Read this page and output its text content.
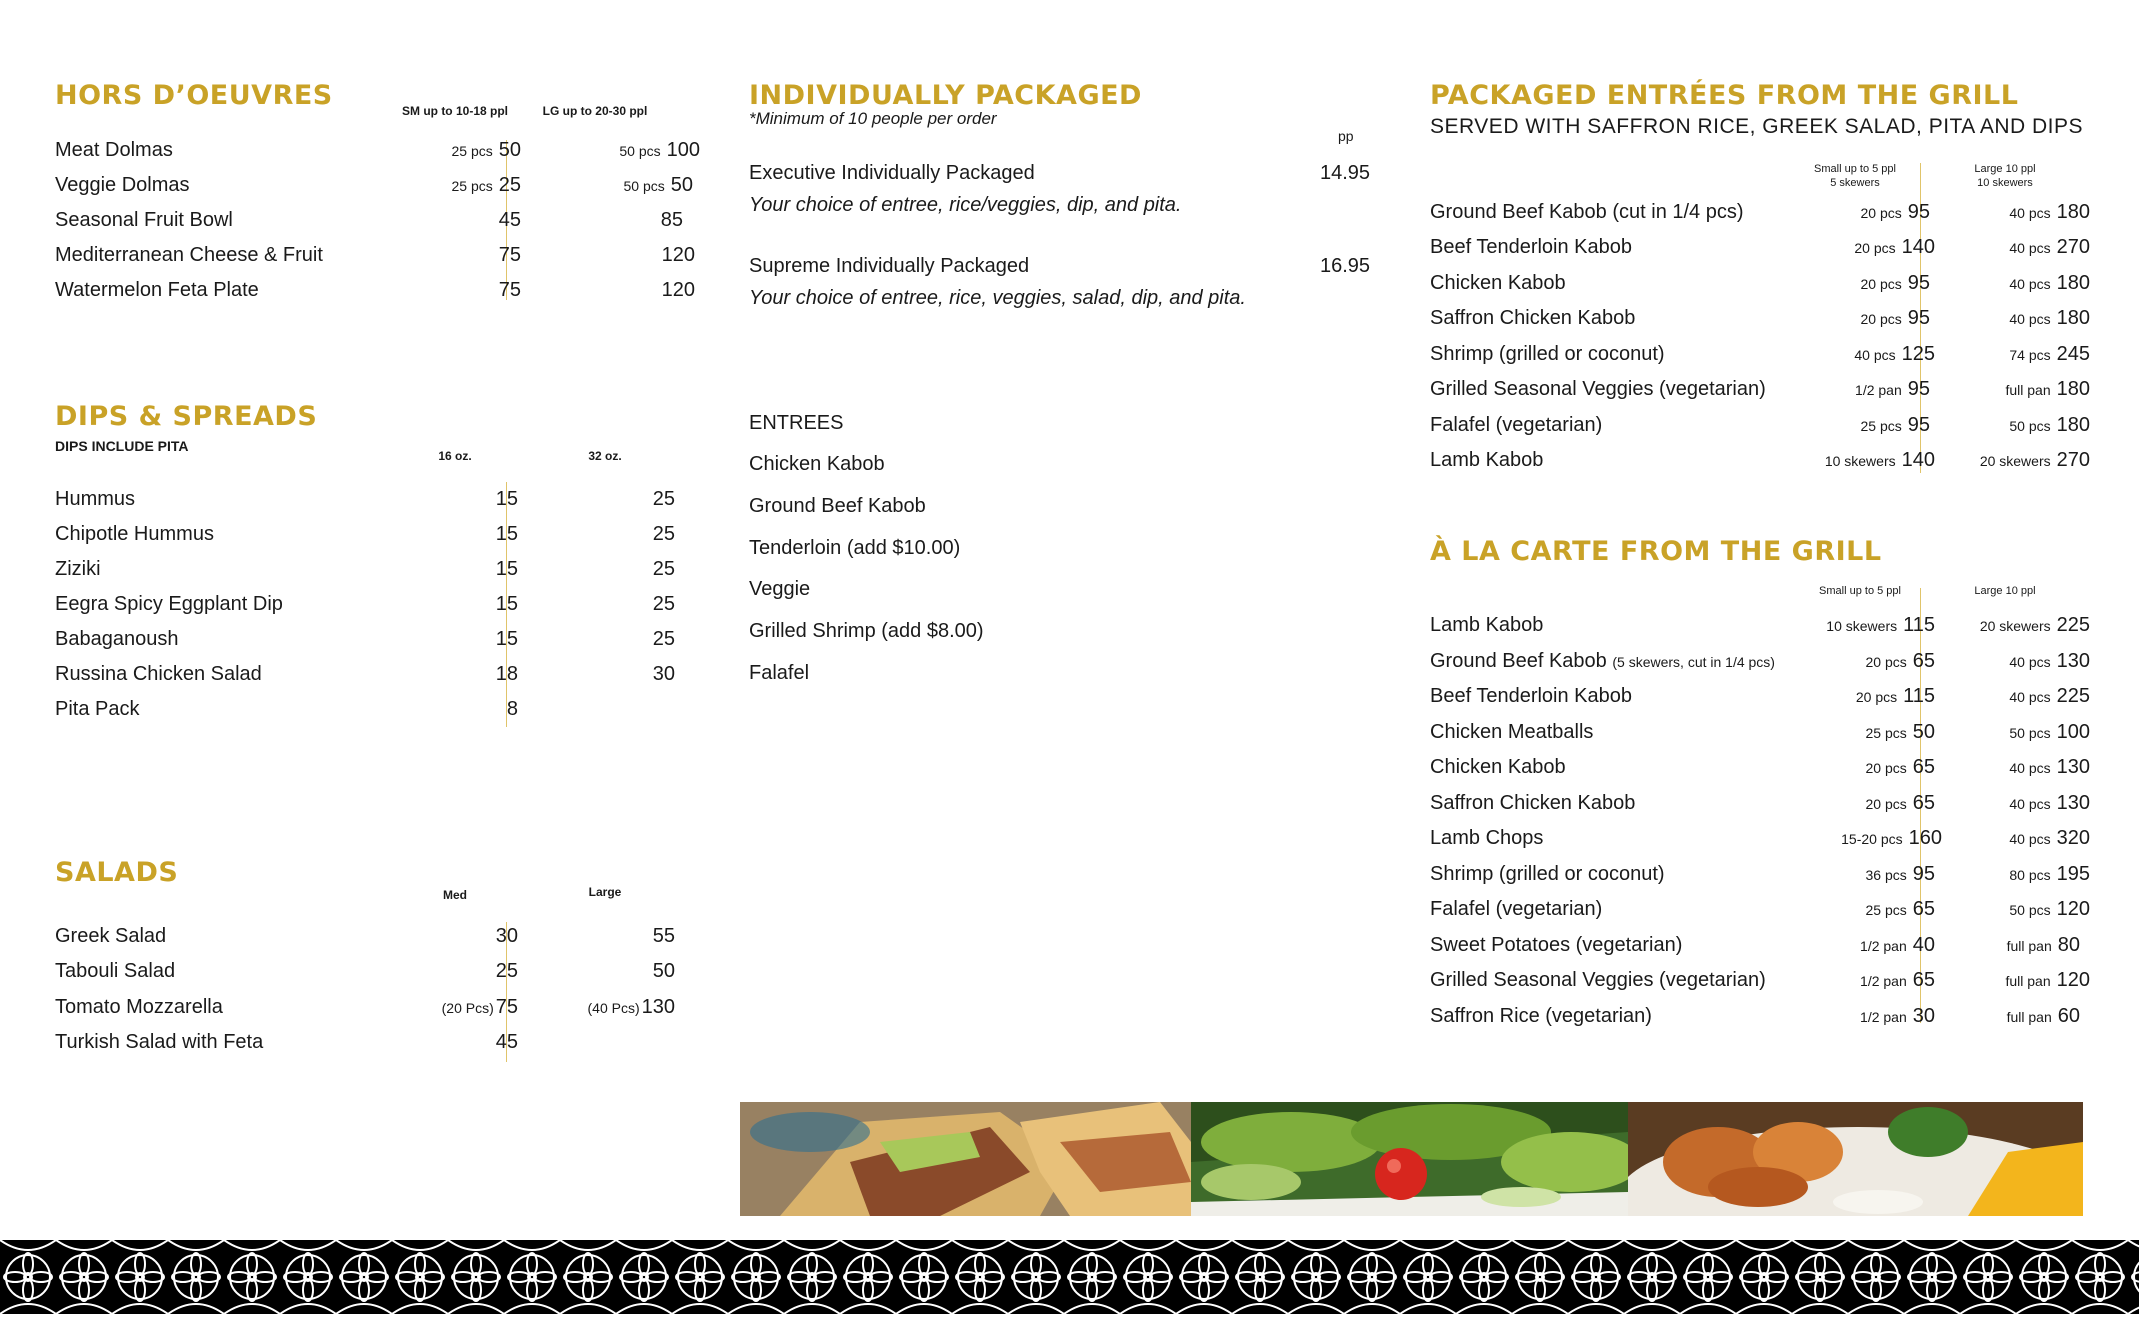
HORS D’OEUVRES	SM up to 10-18 ppl	LG up to 20-30 ppl
Meat Dolmas	25 pcs 50	50 pcs 100
Veggie Dolmas	25 pcs 25	50 pcs 50
Seasonal Fruit Bowl	45	85
Mediterranean Cheese & Fruit	75	120
Watermelon Feta Plate	75	120
DIPS & SPREADS
DIPS INCLUDE PITA
16 oz.	32 oz.
Hummus	15	25
Chipotle Hummus	15	25
Ziziki	15	25
Eegra Spicy Eggplant Dip	15	25
Babaganoush	15	25
Russina Chicken Salad	18	30
Pita Pack	8
SALADS
Med	Large
Greek Salad	30	55
Tabouli Salad	25	50
Tomato Mozzarella	(20 Pcs) 75	(40 Pcs) 130
Turkish Salad with Feta	45
INDIVIDUALLY PACKAGED
*Minimum of 10 people per order
pp
Executive Individually Packaged	14.95
Your choice of entree, rice/veggies, dip, and pita.
Supreme Individually Packaged	16.95
Your choice of entree, rice, veggies, salad, dip, and pita.
ENTREES
Chicken Kabob
Ground Beef Kabob
Tenderloin (add $10.00)
Veggie
Grilled Shrimp (add $8.00)
Falafel
PACKAGED ENTRÉES FROM THE GRILL
SERVED WITH SAFFRON RICE, GREEK SALAD, PITA AND DIPS
Small up to 5 ppl
5 skewers
Large 10 ppl
10 skewers
Ground Beef Kabob (cut in 1/4 pcs)	20 pcs 95	40 pcs 180
Beef Tenderloin Kabob	20 pcs 140	40 pcs 270
Chicken Kabob	20 pcs 95	40 pcs 180
Saffron Chicken Kabob	20 pcs 95	40 pcs 180
Shrimp (grilled or coconut)	40 pcs 125	74 pcs 245
Grilled Seasonal Veggies (vegetarian)	1/2 pan 95	full pan 180
Falafel (vegetarian)	25 pcs 95	50 pcs 180
Lamb Kabob	10 skewers 140	20 skewers 270
À LA CARTE FROM THE GRILL
Small up to 5 ppl	Large 10 ppl
Lamb Kabob	10 skewers 115	20 skewers 225
Ground Beef Kabob (5 skewers, cut in 1/4 pcs)	20 pcs 65	40 pcs 130
Beef Tenderloin Kabob	20 pcs 115	40 pcs 225
Chicken Meatballs	25 pcs 50	50 pcs 100
Chicken Kabob	20 pcs 65	40 pcs 130
Saffron Chicken Kabob	20 pcs 65	40 pcs 130
Lamb Chops	15-20 pcs 160	40 pcs 320
Shrimp (grilled or coconut)	36 pcs 95	80 pcs 195
Falafel (vegetarian)	25 pcs 65	50 pcs 120
Sweet Potatoes (vegetarian)	1/2 pan 40	full pan 80
Grilled Seasonal Veggies (vegetarian)	1/2 pan 65	full pan 120
Saffron Rice (vegetarian)	1/2 pan 30	full pan 60
